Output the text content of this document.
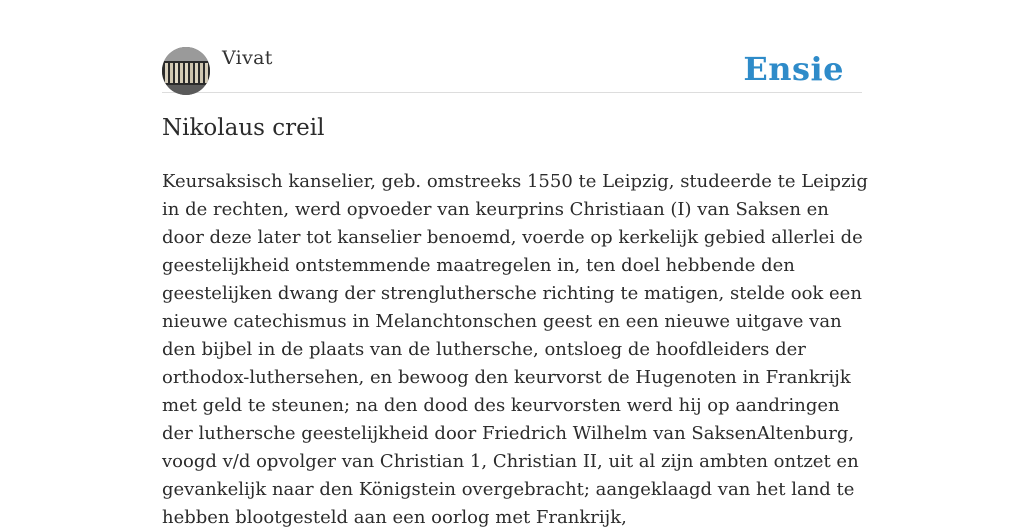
Vivat	Ensie
Nikolaus creil

Keursaksisch kanselier, geb. omstreeks 1550 te Leipzig, studeerde te Leipzig in de rechten, werd opvoeder van keurprins Christiaan (I) van Saksen en door deze later tot kanselier benoemd, voerde op kerkelijk gebied allerlei de geestelijkheid ontstemmende maatregelen in, ten doel hebbende den geestelijken dwang der strengluthersche richting te matigen, stelde ook een nieuwe catechismus in Melanchtonschen geest en een nieuwe uitgave van den bijbel in de plaats van de luthersche, ontsloeg de hoofdleiders der orthodox-luthersehen, en bewoog den keurvorst de Hugenoten in Frankrijk met geld te steunen; na den dood des keurvorsten werd hij op aandringen der luthersche geestelijkheid door Friedrich Wilhelm van SaksenAltenburg, voogd v/d opvolger van Christian 1, Christian II, uit al zijn ambten ontzet en gevankelijk naar den Königstein overgebracht; aangeklaagd van het land te hebben blootgesteld aan een oorlog met Frankrijk,
